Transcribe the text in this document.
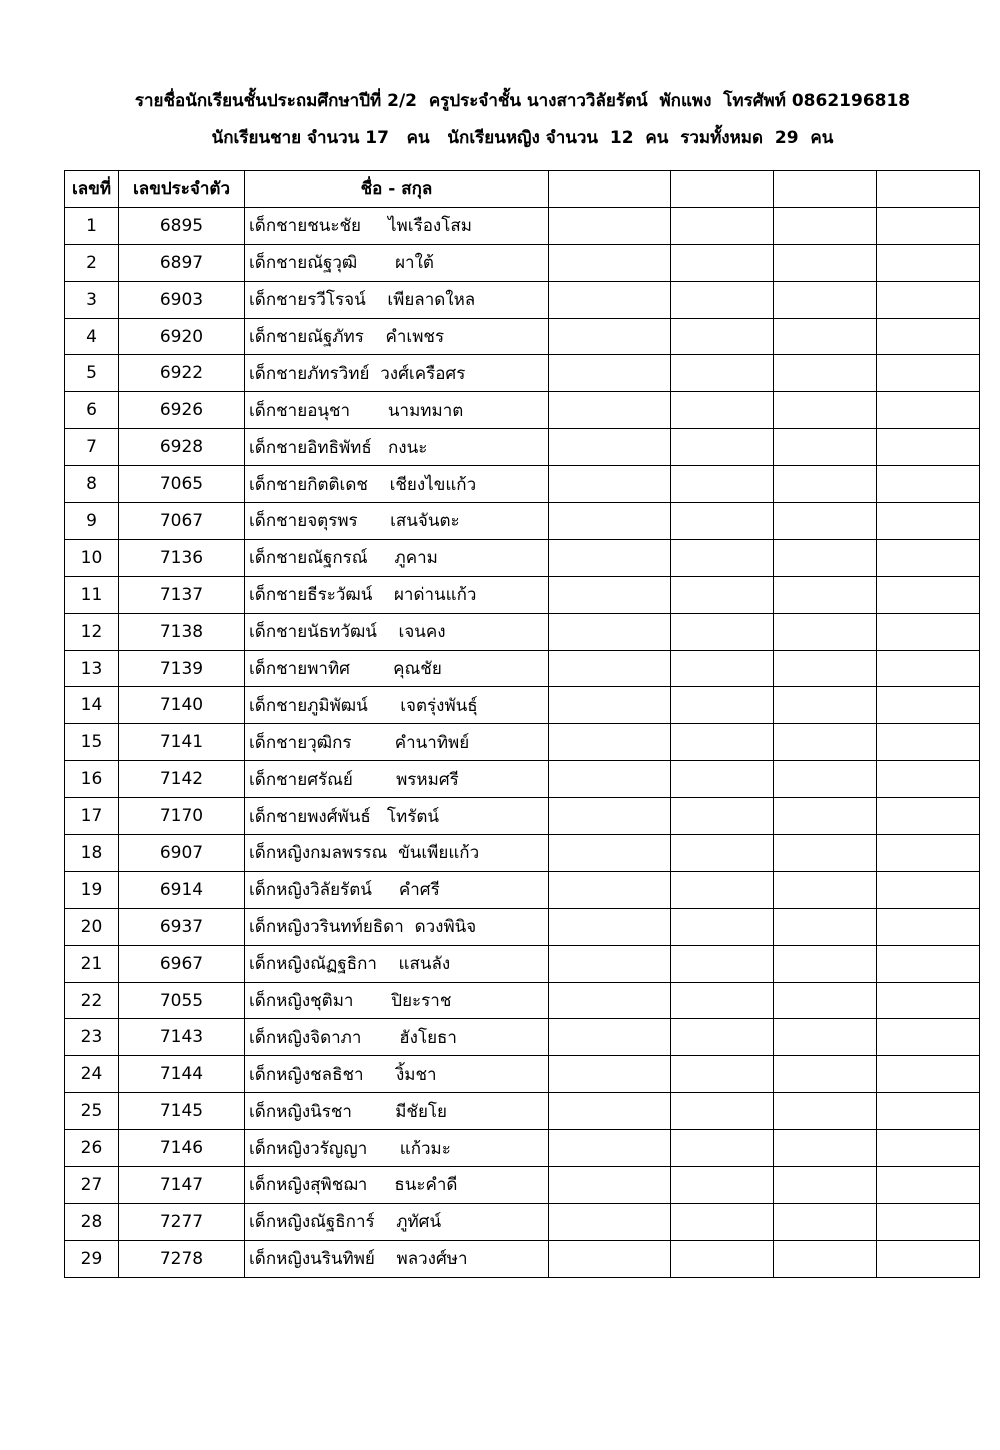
รายชื่อนักเรียนชั้นประถมศึกษาปีที่ 2/2  ครูประจำชั้น นางสาววิลัยรัตน์  พักแพง  โทรศัพท์ 0862196818
นักเรียนชาย จำนวน 17   คน   นักเรียนหญิง จำนวน  12  คน  รวมทั้งหมด  29  คน
เลขที่	เลขประจำตัว	ชื่อ - สกุล				
1	6895	เด็กชายชนะชัย     ไพเรืองโสม				
2	6897	เด็กชายณัฐวุฒิ       ผาใต้				
3	6903	เด็กชายรวีโรจน์    เพียลาดใหล				
4	6920	เด็กชายณัฐภัทร    คำเพชร				
5	6922	เด็กชายภัทรวิทย์  วงศ์เครือศร				
6	6926	เด็กชายอนุชา       นามทมาต				
7	6928	เด็กชายอิทธิพัทธ์   กงนะ				
8	7065	เด็กชายกิตติเดช    เชียงไขแก้ว				
9	7067	เด็กชายจตุรพร      เสนจันตะ				
10	7136	เด็กชายณัฐกรณ์     ภูคาม				
11	7137	เด็กชายธีระวัฒน์    ผาด่านแก้ว				
12	7138	เด็กชายนัธทวัฒน์    เจนคง				
13	7139	เด็กชายพาทิศ        คุณชัย				
14	7140	เด็กชายภูมิพัฒน์      เจตรุ่งพันธุ์				
15	7141	เด็กชายวุฒิกร        คำนาทิพย์				
16	7142	เด็กชายศรัณย์        พรหมศรี				
17	7170	เด็กชายพงศ์พันธ์   โทรัตน์				
18	6907	เด็กหญิงกมลพรรณ  ขันเพียแก้ว				
19	6914	เด็กหญิงวิลัยรัตน์     คำศรี				
20	6937	เด็กหญิงวรินทท์ยธิดา  ดวงพินิจ				
21	6967	เด็กหญิงณัฏฐธิกา    แสนลัง				
22	7055	เด็กหญิงชุติมา       ปิยะราช				
23	7143	เด็กหญิงจิดาภา       ฮังโยธา				
24	7144	เด็กหญิงชลธิชา      งิ้มชา				
25	7145	เด็กหญิงนิรชา        มีชัยโย				
26	7146	เด็กหญิงวรัญญา      แก้วมะ				
27	7147	เด็กหญิงสุพิชฌา     ธนะคำดี				
28	7277	เด็กหญิงณัฐธิการ์    ภูทัศน์				
29	7278	เด็กหญิงนรินทิพย์    พลวงศ์ษา				
